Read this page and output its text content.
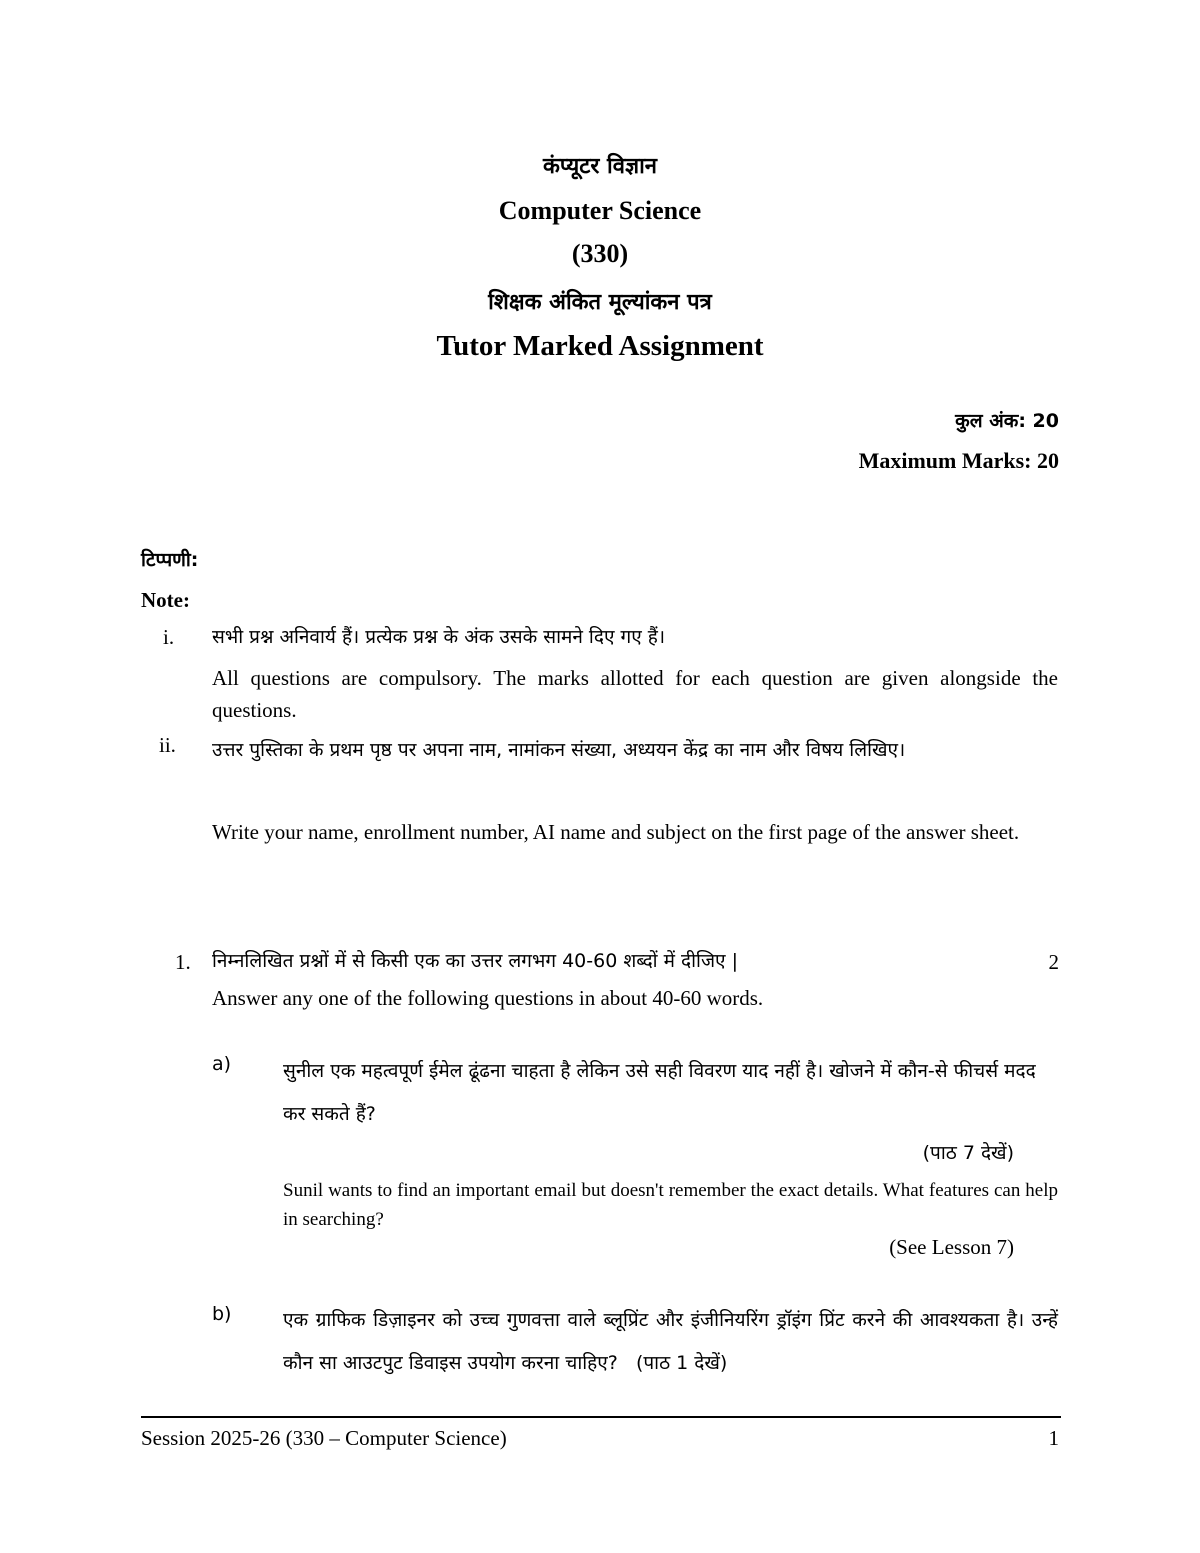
कंप्यूटर विज्ञान
Computer Science
(330)
शिक्षक अंकित मूल्यांकन पत्र
Tutor Marked Assignment
कुल अंक: 20
Maximum Marks: 20
टिप्पणी:
Note:
i. सभी प्रश्न अनिवार्य हैं। प्रत्येक प्रश्न के अंक उसके सामने दिए गए हैं।
All questions are compulsory. The marks allotted for each question are given alongside the questions.
ii. उत्तर पुस्तिका के प्रथम पृष्ठ पर अपना नाम, नामांकन संख्या, अध्ययन केंद्र का नाम और विषय लिखिए।
Write your name, enrollment number, AI name and subject on the first page of the answer sheet.
1. निम्नलिखित प्रश्नों में से किसी एक का उत्तर लगभग 40-60 शब्दों में दीजिए |	2
Answer any one of the following questions in about 40-60 words.
a)	सुनील एक महत्वपूर्ण ईमेल ढूंढना चाहता है लेकिन उसे सही विवरण याद नहीं है। खोजने में कौन-से फीचर्स मदद कर सकते हैं?
(पाठ 7 देखें)
Sunil wants to find an important email but doesn't remember the exact details. What features can help in searching?
(See Lesson 7)
b)	एक ग्राफिक डिज़ाइनर को उच्च गुणवत्ता वाले ब्लूप्रिंट और इंजीनियरिंग ड्रॉइंग प्रिंट करने की आवश्यकता है। उन्हें कौन सा आउटपुट डिवाइस उपयोग करना चाहिए? (पाठ 1 देखें)
Session 2025-26 (330 – Computer Science)	1
